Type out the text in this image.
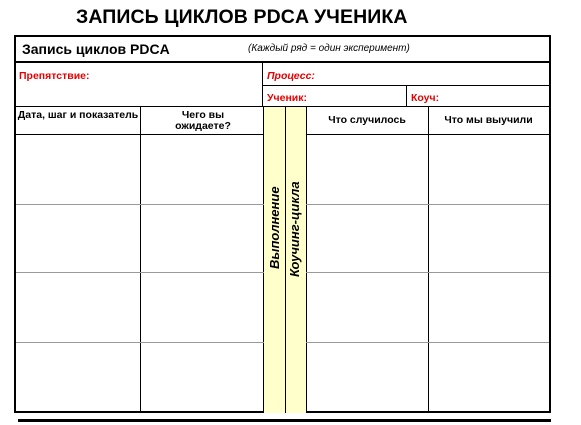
ЗАПИСЬ ЦИКЛОВ PDCA УЧЕНИКА
Запись циклов PDCA	(Каждый ряд = один эксперимент)
Препятствие:	Процесс:
Ученик:	Коуч:
Дата, шаг и показатель	Чего вы ожидаете?	Что случилось	Что мы выучили
Выполнение Коучинг-цикла
